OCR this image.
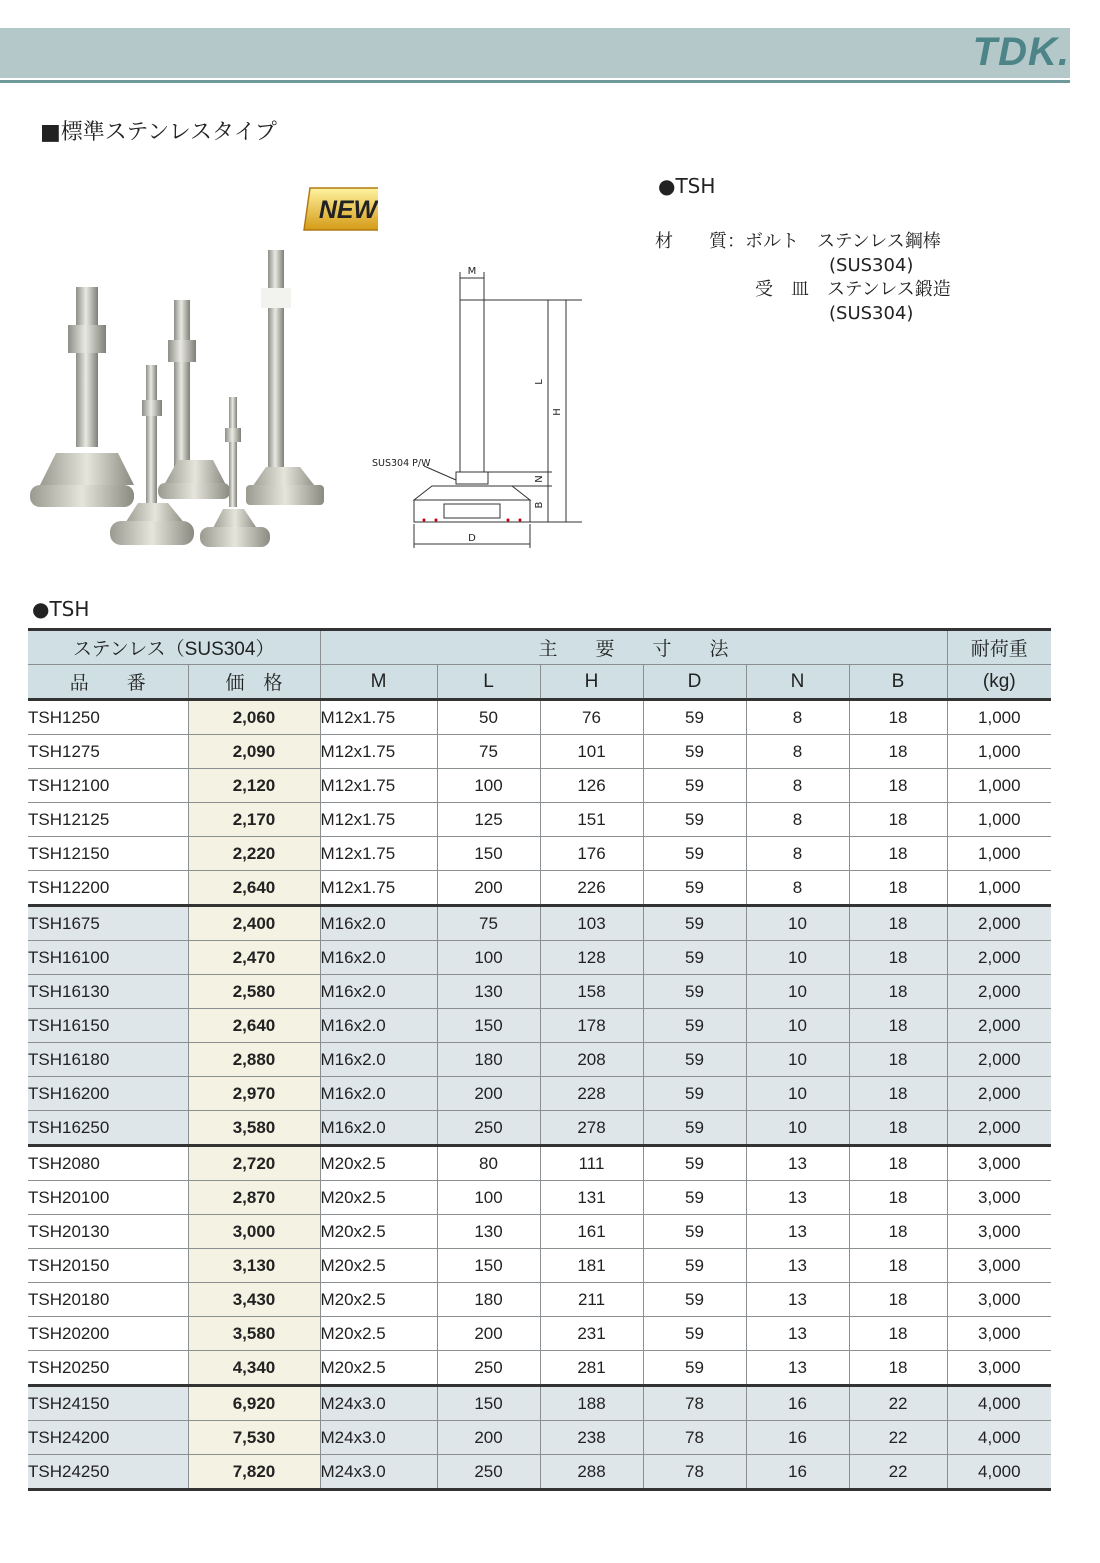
TDK.
■標準ステンレスタイプ
NEW
M
L
H
N
B
D
SUS304 P/W
●TSH
材　　質：ボルト　 ステンレス鋼棒
(SUS304)
受　皿　 ステンレス鍛造
(SUS304)
●TSH
ステンレス（SUS304）		主　　要　　寸　　法						耐荷重
品　　番	価　格	M	L	H	D	N	B	(kg)
TSH1250	2,060	M12x1.75	50	76	59	8	18	1,000
TSH1275	2,090	M12x1.75	75	101	59	8	18	1,000
TSH12100	2,120	M12x1.75	100	126	59	8	18	1,000
TSH12125	2,170	M12x1.75	125	151	59	8	18	1,000
TSH12150	2,220	M12x1.75	150	176	59	8	18	1,000
TSH12200	2,640	M12x1.75	200	226	59	8	18	1,000
TSH1675	2,400	M16x2.0	75	103	59	10	18	2,000
TSH16100	2,470	M16x2.0	100	128	59	10	18	2,000
TSH16130	2,580	M16x2.0	130	158	59	10	18	2,000
TSH16150	2,640	M16x2.0	150	178	59	10	18	2,000
TSH16180	2,880	M16x2.0	180	208	59	10	18	2,000
TSH16200	2,970	M16x2.0	200	228	59	10	18	2,000
TSH16250	3,580	M16x2.0	250	278	59	10	18	2,000
TSH2080	2,720	M20x2.5	80	111	59	13	18	3,000
TSH20100	2,870	M20x2.5	100	131	59	13	18	3,000
TSH20130	3,000	M20x2.5	130	161	59	13	18	3,000
TSH20150	3,130	M20x2.5	150	181	59	13	18	3,000
TSH20180	3,430	M20x2.5	180	211	59	13	18	3,000
TSH20200	3,580	M20x2.5	200	231	59	13	18	3,000
TSH20250	4,340	M20x2.5	250	281	59	13	18	3,000
TSH24150	6,920	M24x3.0	150	188	78	16	22	4,000
TSH24200	7,530	M24x3.0	200	238	78	16	22	4,000
TSH24250	7,820	M24x3.0	250	288	78	16	22	4,000
